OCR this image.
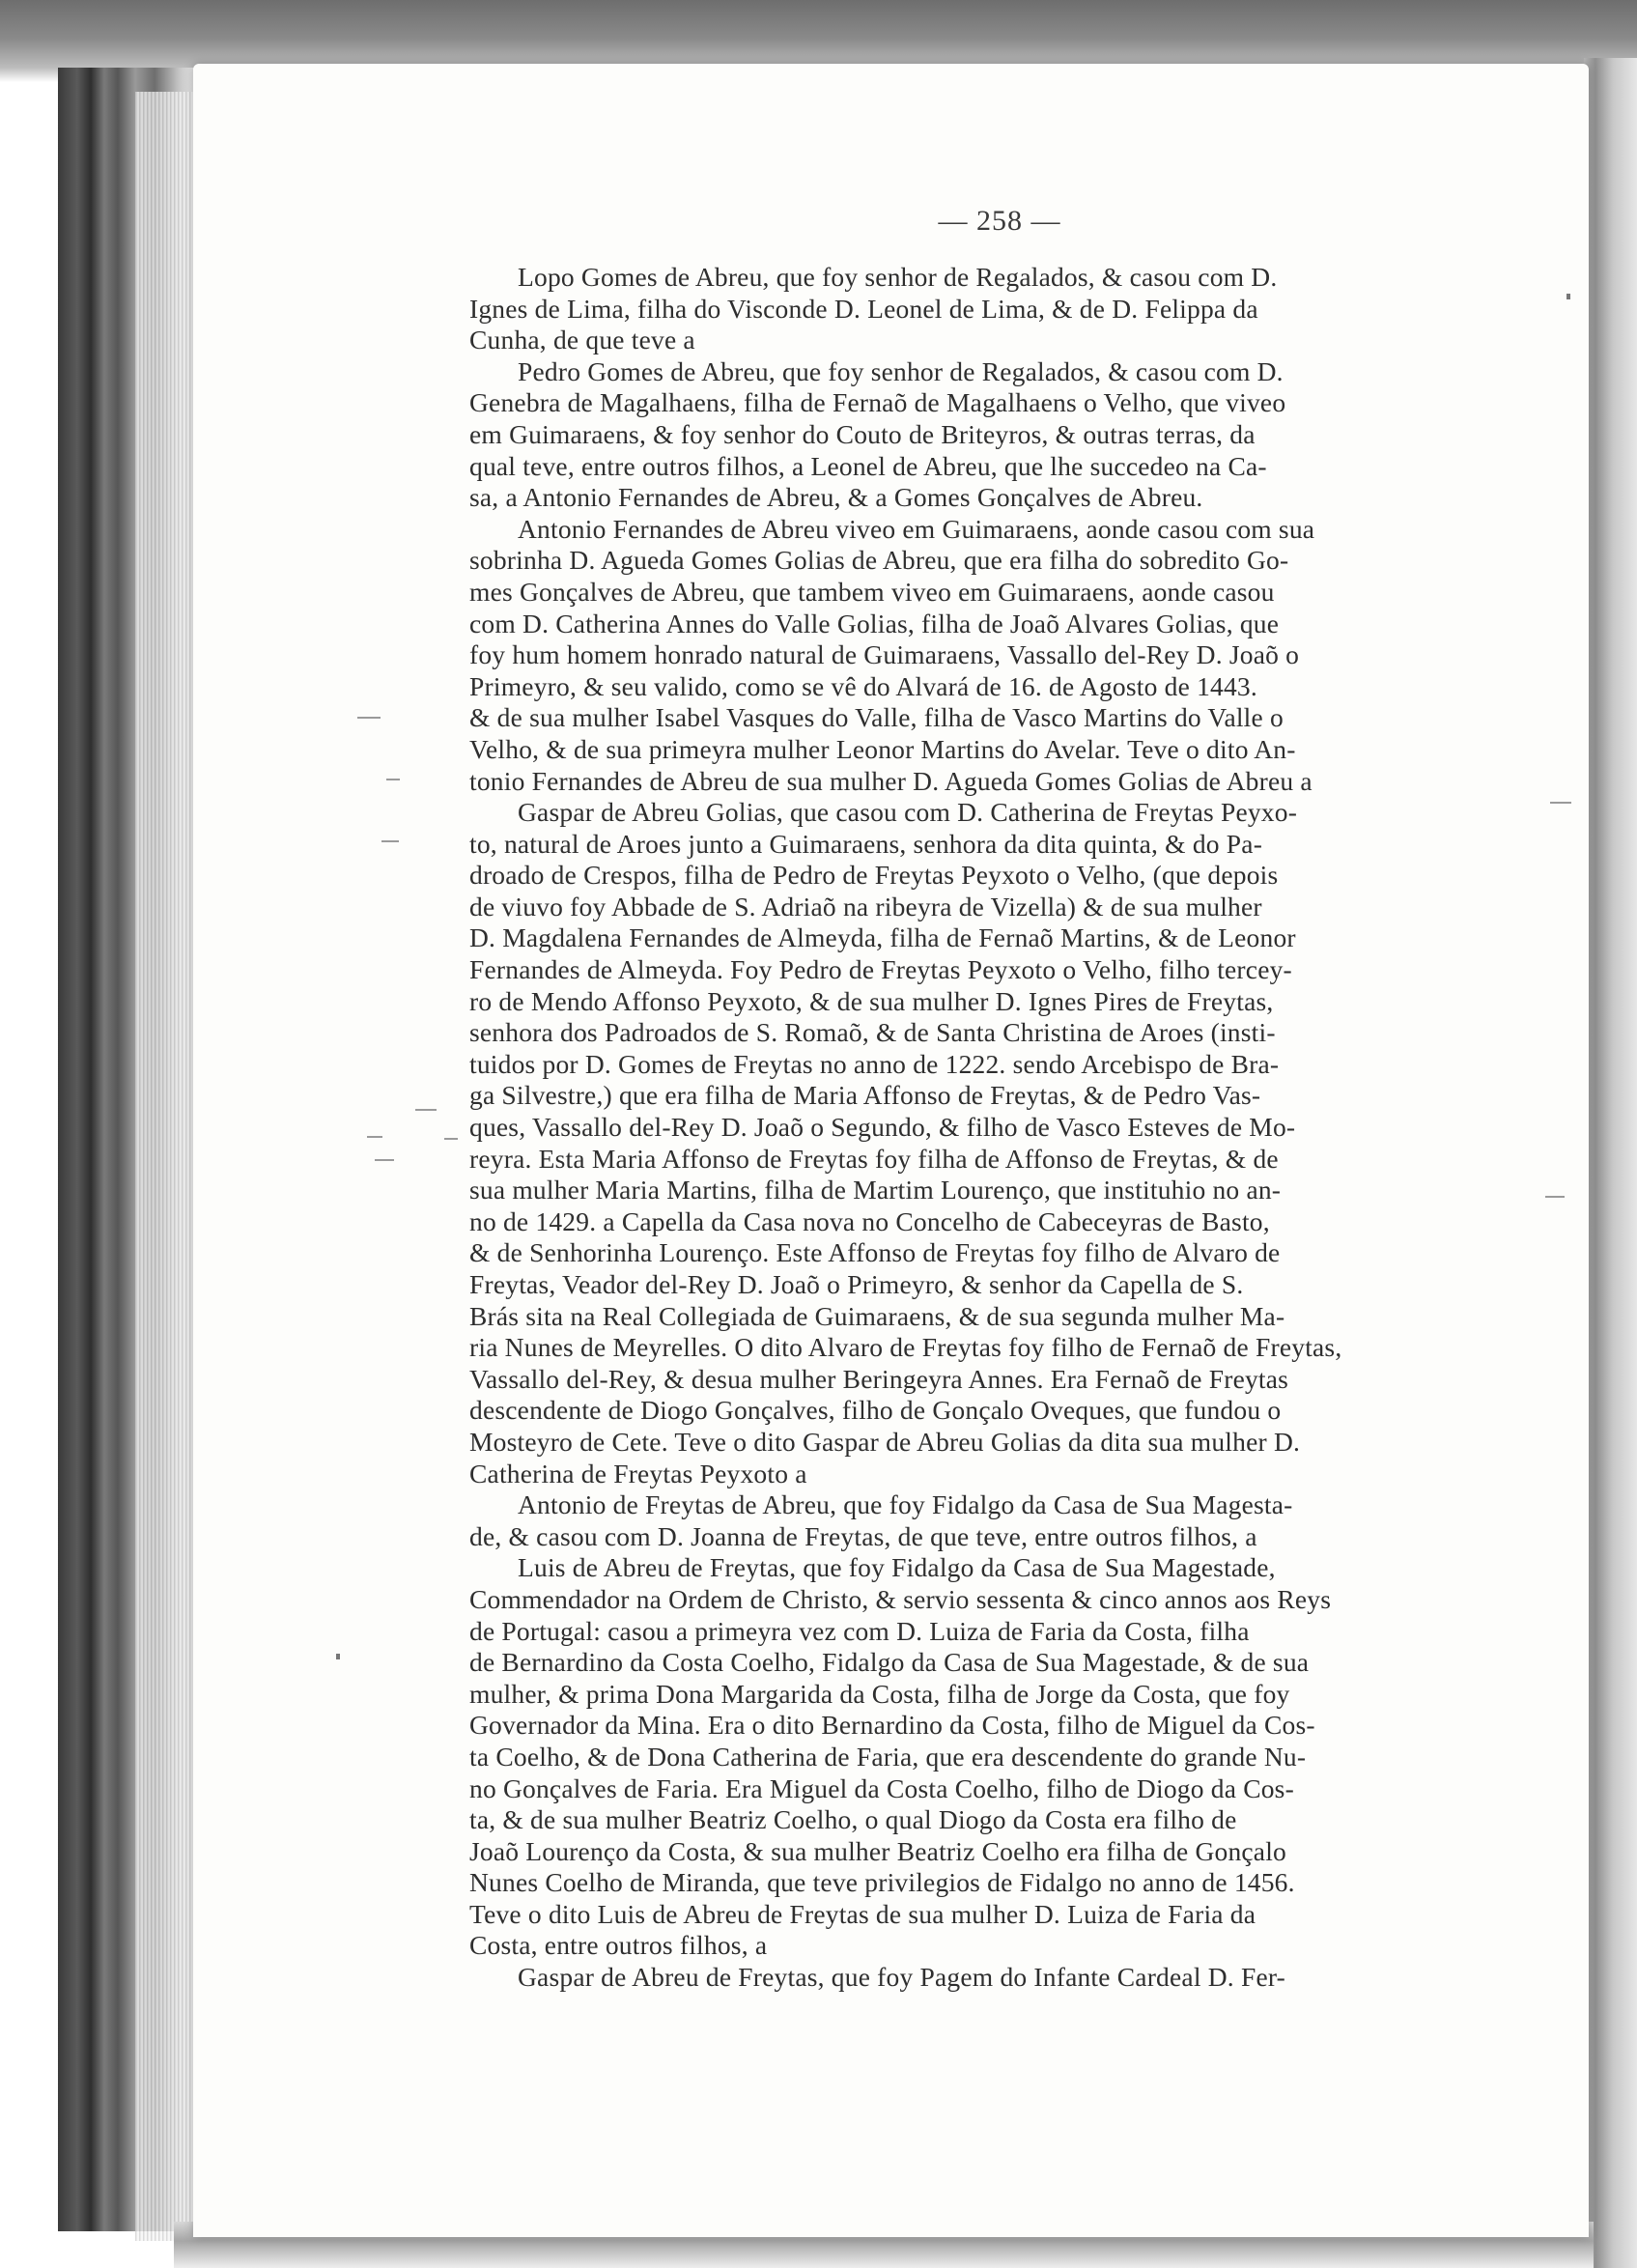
— 258 —
Lopo Gomes de Abreu, que foy senhor de Regalados, & casou com D.
Ignes de Lima, filha do Visconde D. Leonel de Lima, & de D. Felippa da
Cunha, de que teve a
Pedro Gomes de Abreu, que foy senhor de Regalados, & casou com D.
Genebra de Magalhaens, filha de Fernaõ de Magalhaens o Velho, que viveo
em Guimaraens, & foy senhor do Couto de Briteyros, & outras terras, da
qual teve, entre outros filhos, a Leonel de Abreu, que lhe succedeo na Ca-
sa, a Antonio Fernandes de Abreu, & a Gomes Gonçalves de Abreu.
Antonio Fernandes de Abreu viveo em Guimaraens, aonde casou com sua
sobrinha D. Agueda Gomes Golias de Abreu, que era filha do sobredito Go-
mes Gonçalves de Abreu, que tambem viveo em Guimaraens, aonde casou
com D. Catherina Annes do Valle Golias, filha de Joaõ Alvares Golias, que
foy hum homem honrado natural de Guimaraens, Vassallo del-Rey D. Joaõ o
Primeyro, & seu valido, como se vê do Alvará de 16. de Agosto de 1443.
& de sua mulher Isabel Vasques do Valle, filha de Vasco Martins do Valle o
Velho, & de sua primeyra mulher Leonor Martins do Avelar. Teve o dito An-
tonio Fernandes de Abreu de sua mulher D. Agueda Gomes Golias de Abreu a
Gaspar de Abreu Golias, que casou com D. Catherina de Freytas Peyxo-
to, natural de Aroes junto a Guimaraens, senhora da dita quinta, & do Pa-
droado de Crespos, filha de Pedro de Freytas Peyxoto o Velho, (que depois
de viuvo foy Abbade de S. Adriaõ na ribeyra de Vizella) & de sua mulher
D. Magdalena Fernandes de Almeyda, filha de Fernaõ Martins, & de Leonor
Fernandes de Almeyda. Foy Pedro de Freytas Peyxoto o Velho, filho tercey-
ro de Mendo Affonso Peyxoto, & de sua mulher D. Ignes Pires de Freytas,
senhora dos Padroados de S. Romaõ, & de Santa Christina de Aroes (insti-
tuidos por D. Gomes de Freytas no anno de 1222. sendo Arcebispo de Bra-
ga Silvestre,) que era filha de Maria Affonso de Freytas, & de Pedro Vas-
ques, Vassallo del-Rey D. Joaõ o Segundo, & filho de Vasco Esteves de Mo-
reyra. Esta Maria Affonso de Freytas foy filha de Affonso de Freytas, & de
sua mulher Maria Martins, filha de Martim Lourenço, que instituhio no an-
no de 1429. a Capella da Casa nova no Concelho de Cabeceyras de Basto,
& de Senhorinha Lourenço. Este Affonso de Freytas foy filho de Alvaro de
Freytas, Veador del-Rey D. Joaõ o Primeyro, & senhor da Capella de S.
Brás sita na Real Collegiada de Guimaraens, & de sua segunda mulher Ma-
ria Nunes de Meyrelles. O dito Alvaro de Freytas foy filho de Fernaõ de Freytas,
Vassallo del-Rey, & desua mulher Beringeyra Annes. Era Fernaõ de Freytas
descendente de Diogo Gonçalves, filho de Gonçalo Oveques, que fundou o
Mosteyro de Cete. Teve o dito Gaspar de Abreu Golias da dita sua mulher D.
Catherina de Freytas Peyxoto a
Antonio de Freytas de Abreu, que foy Fidalgo da Casa de Sua Magesta-
de, & casou com D. Joanna de Freytas, de que teve, entre outros filhos, a
Luis de Abreu de Freytas, que foy Fidalgo da Casa de Sua Magestade,
Commendador na Ordem de Christo, & servio sessenta & cinco annos aos Reys
de Portugal: casou a primeyra vez com D. Luiza de Faria da Costa, filha
de Bernardino da Costa Coelho, Fidalgo da Casa de Sua Magestade, & de sua
mulher, & prima Dona Margarida da Costa, filha de Jorge da Costa, que foy
Governador da Mina. Era o dito Bernardino da Costa, filho de Miguel da Cos-
ta Coelho, & de Dona Catherina de Faria, que era descendente do grande Nu-
no Gonçalves de Faria. Era Miguel da Costa Coelho, filho de Diogo da Cos-
ta, & de sua mulher Beatriz Coelho, o qual Diogo da Costa era filho de
Joaõ Lourenço da Costa, & sua mulher Beatriz Coelho era filha de Gonçalo
Nunes Coelho de Miranda, que teve privilegios de Fidalgo no anno de 1456.
Teve o dito Luis de Abreu de Freytas de sua mulher D. Luiza de Faria da
Costa, entre outros filhos, a
Gaspar de Abreu de Freytas, que foy Pagem do Infante Cardeal D. Fer-
